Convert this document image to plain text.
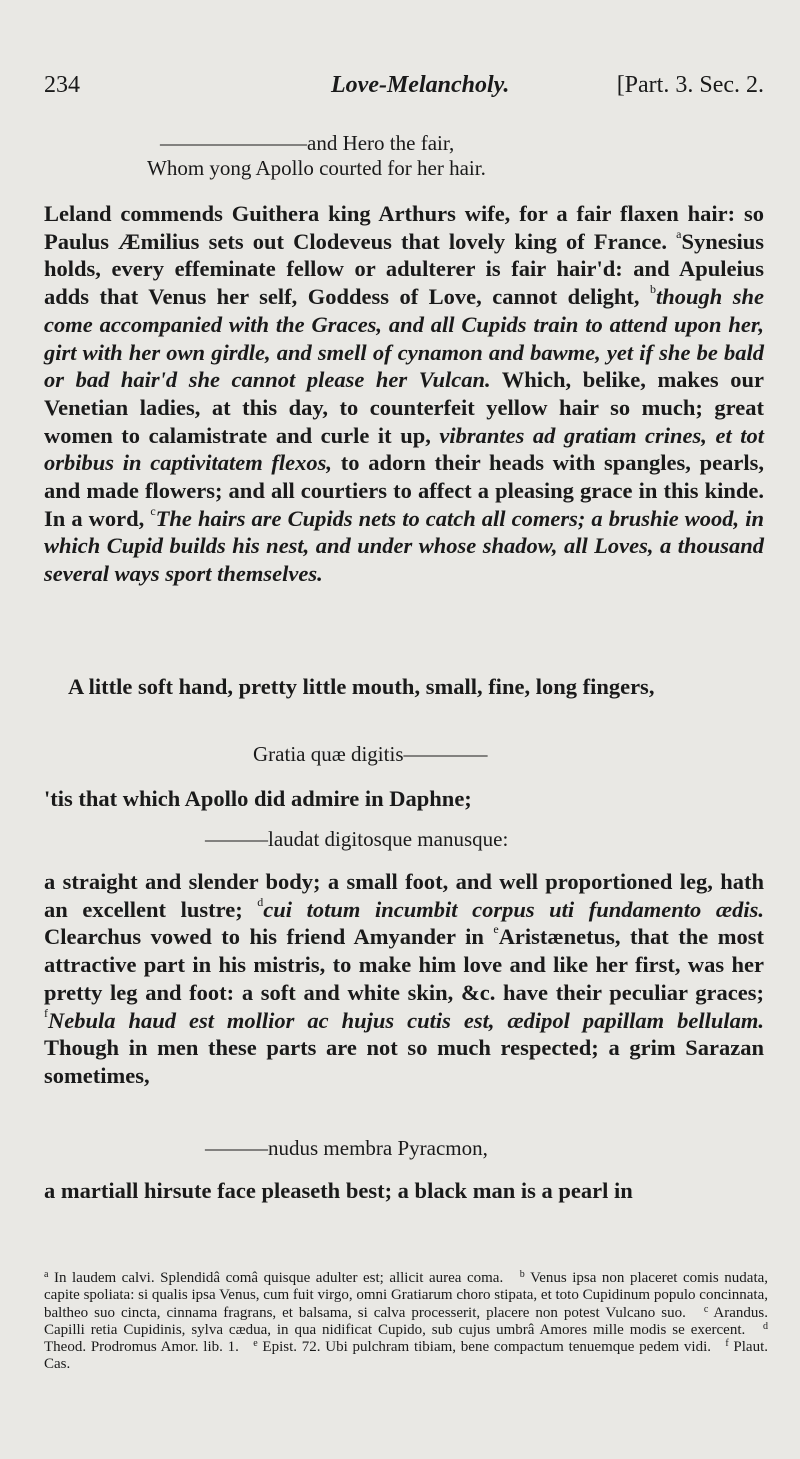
234	Love-Melancholy.	[Part. 3. Sec. 2.
———————and Hero the fair,
Whom yong Apollo courted for her hair.

Leland commends Guithera king Arthurs wife, for a fair flaxen hair: so Paulus Æmilius sets out Clodeveus that lovely king of France. $^a$Synesius holds, every effeminate fellow or adulterer is fair hair'd: and Apuleius adds that Venus her self, Goddess of Love, cannot delight, $^b$though she come accompanied with the Graces, and all Cupids train to attend upon her, girt with her own girdle, and smell of cynamon and bawme, yet if she be bald or bad hair'd she cannot please her Vulcan. Which, belike, makes our Venetian ladies, at this day, to counterfeit yellow hair so much; great women to calamistrate and curle it up, vibrantes ad gratiam crines, et tot orbibus in captivitatem flexos, to adorn their heads with spangles, pearls, and made flowers; and all courtiers to affect a pleasing grace in this kinde. In a word, $^c$The hairs are Cupids nets to catch all comers; a brushie wood, in which Cupid builds his nest, and under whose shadow, all Loves, a thousand several ways sport themselves.

A little soft hand, pretty little mouth, small, fine, long fingers,

Gratia quæ digitis————

'tis that which Apollo did admire in Daphne;

———laudat digitosque manusque:

a straight and slender body; a small foot, and well proportioned leg, hath an excellent lustre; $^d$cui totum incumbit corpus uti fundamento ædis. Clearchus vowed to his friend Amyander in $^e$Aristænetus, that the most attractive part in his mistris, to make him love and like her first, was her pretty leg and foot: a soft and white skin, &c. have their peculiar graces; $^f$Nebula haud est mollior ac hujus cutis est, ædipol papillam bellulam. Though in men these parts are not so much respected; a grim Sarazan sometimes,

———nudus membra Pyracmon,

a martiall hirsute face pleaseth best; a black man is a pearl in

$^a$ In laudem calvi. Splendidâ comâ quisque adulter est; allicit aurea coma. $^b$ Venus ipsa non placeret comis nudata, capite spoliata: si qualis ipsa Venus, cum fuit virgo, omni Gratiarum choro stipata, et toto Cupidinum populo concinnata, baltheo suo cincta, cinnama fragrans, et balsama, si calva processerit, placere non potest Vulcano suo. $^c$ Arandus. Capilli retia Cupidinis, sylva cædua, in qua nidificat Cupido, sub cujus umbrâ Amores mille modis se exercent. $^d$ Theod. Prodromus Amor. lib. 1. $^e$ Epist. 72. Ubi pulchram tibiam, bene compactum tenuemque pedem vidi. $^f$ Plaut. Cas.
